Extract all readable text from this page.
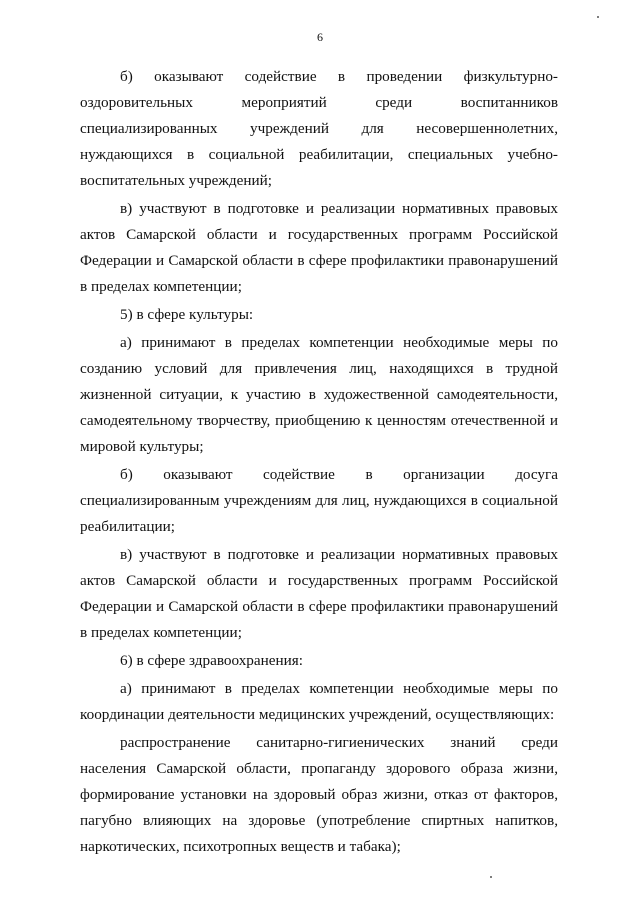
6

б) оказывают содействие в проведении физкультурно-оздоровительных мероприятий среди воспитанников специализированных учреждений для несовершеннолетних, нуждающихся в социальной реабилитации, специальных учебно-воспитательных учреждений;

в) участвуют в подготовке и реализации нормативных правовых актов Самарской области и государственных программ Российской Федерации и Самарской области в сфере профилактики правонарушений в пределах компетенции;

5) в сфере культуры:

а) принимают в пределах компетенции необходимые меры по созданию условий для привлечения лиц, находящихся в трудной жизненной ситуации, к участию в художественной самодеятельности, самодеятельному творчеству, приобщению к ценностям отечественной и мировой культуры;

б) оказывают содействие в организации досуга специализированным учреждениям для лиц, нуждающихся в социальной реабилитации;

в) участвуют в подготовке и реализации нормативных правовых актов Самарской области и государственных программ Российской Федерации и Самарской области в сфере профилактики правонарушений в пределах компетенции;

6) в сфере здравоохранения:

а) принимают в пределах компетенции необходимые меры по координации деятельности медицинских учреждений, осуществляющих:

распространение санитарно-гигиенических знаний среди населения Самарской области, пропаганду здорового образа жизни, формирование установки на здоровый образ жизни, отказ от факторов, пагубно влияющих на здоровье (употребление спиртных напитков, наркотических, психотропных веществ и табака);
